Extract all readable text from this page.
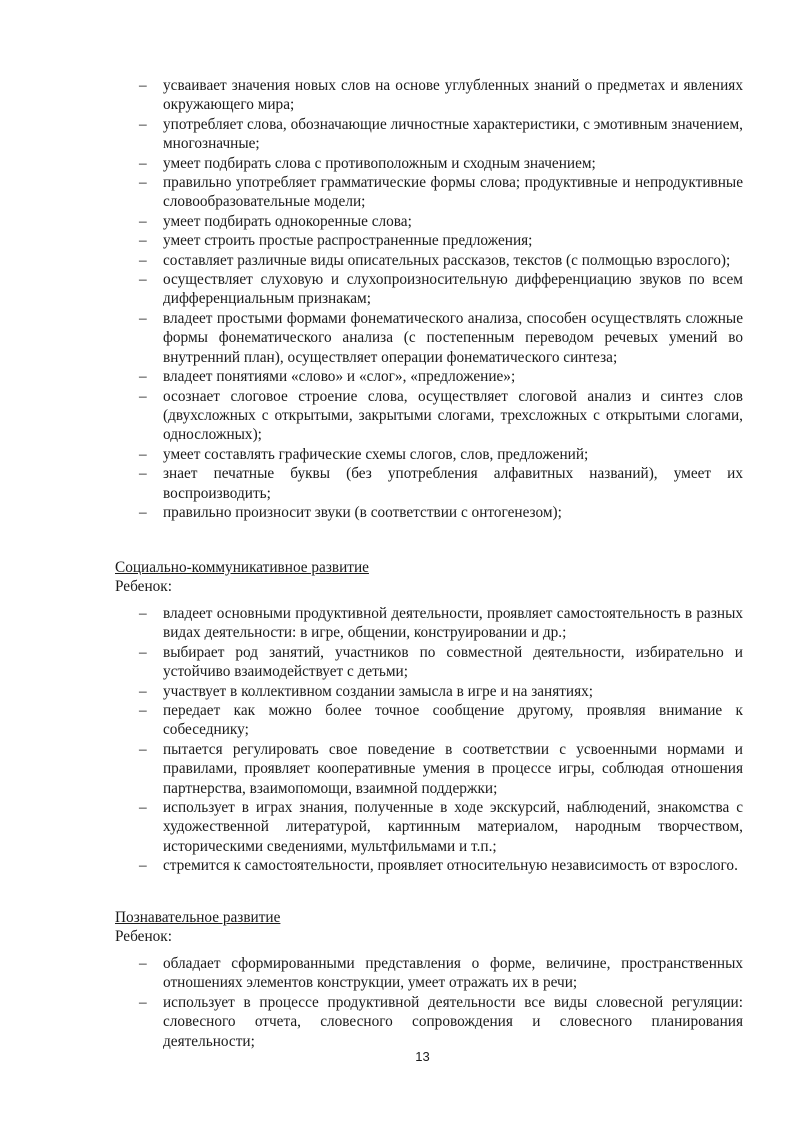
– усваивает значения новых слов на основе углубленных знаний о предметах и явлениях окружающего мира;
– употребляет слова, обозначающие личностные характеристики, с эмотивным значением, многозначные;
– умеет подбирать слова с противоположным и сходным значением;
– правильно употребляет грамматические формы слова; продуктивные и непродуктивные словообразовательные модели;
– умеет подбирать однокоренные слова;
– умеет строить простые распространенные предложения;
– составляет различные виды описательных рассказов, текстов (с полмощью взрослого);
– осуществляет слуховую и слухопроизносительную дифференциацию звуков по всем дифференциальным признакам;
– владеет простыми формами фонематического анализа, способен осуществлять сложные формы фонематического анализа (с постепенным переводом речевых умений во внутренний план), осуществляет операции фонематического синтеза;
– владеет понятиями «слово» и «слог», «предложение»;
– осознает слоговое строение слова, осуществляет слоговой анализ и синтез слов (двухсложных с открытыми, закрытыми слогами, трехсложных с открытыми слогами, односложных);
– умеет составлять графические схемы слогов, слов, предложений;
– знает печатные буквы (без употребления алфавитных названий), умеет их воспроизводить;
– правильно произносит звуки (в соответствии с онтогенезом);
Социально-коммуникативное развитие
Ребенок:
– владеет основными продуктивной деятельности, проявляет самостоятельность в разных видах деятельности: в игре, общении, конструировании и др.;
– выбирает род занятий, участников по совместной деятельности, избирательно и устойчиво взаимодействует с детьми;
– участвует в коллективном создании замысла в игре и на занятиях;
– передает как можно более точное сообщение другому, проявляя внимание к собеседнику;
– пытается регулировать свое поведение в соответствии с усвоенными нормами и правилами, проявляет кооперативные умения в процессе игры, соблюдая отношения партнерства, взаимопомощи, взаимной поддержки;
– использует в играх знания, полученные в ходе экскурсий, наблюдений, знакомства с художественной литературой, картинным материалом, народным творчеством, историческими сведениями, мультфильмами и т.п.;
– стремится к самостоятельности, проявляет относительную независимость от взрослого.
Познавательное развитие
Ребенок:
– обладает сформированными представления о форме, величине, пространственных отношениях элементов конструкции, умеет отражать их в речи;
– использует в процессе продуктивной деятельности все виды словесной регуляции: словесного отчета, словесного сопровождения и словесного планирования деятельности;
13
